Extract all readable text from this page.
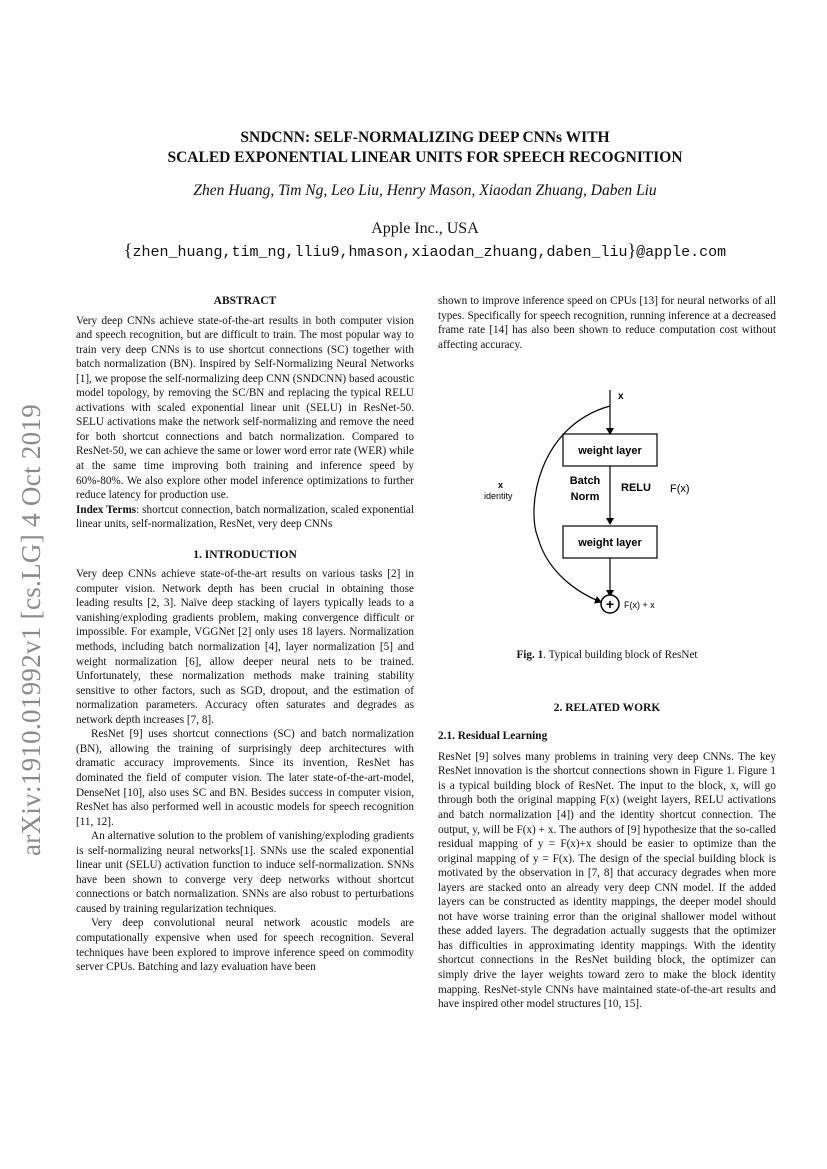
arXiv:1910.01992v1 [cs.LG] 4 Oct 2019
SNDCNN: SELF-NORMALIZING DEEP CNNs WITH
SCALED EXPONENTIAL LINEAR UNITS FOR SPEECH RECOGNITION
Zhen Huang, Tim Ng, Leo Liu, Henry Mason, Xiaodan Zhuang, Daben Liu
Apple Inc., USA
{zhen_huang,tim_ng,lliu9,hmason,xiaodan_zhuang,daben_liu}@apple.com
ABSTRACT

Very deep CNNs achieve state-of-the-art results in both computer vision and speech recognition, but are difficult to train. The most popular way to train very deep CNNs is to use shortcut connections (SC) together with batch normalization (BN). Inspired by Self-Normalizing Neural Networks [1], we propose the self-normalizing deep CNN (SNDCNN) based acoustic model topology, by removing the SC/BN and replacing the typical RELU activations with scaled exponential linear unit (SELU) in ResNet-50. SELU activations make the network self-normalizing and remove the need for both shortcut connections and batch normalization. Compared to ResNet-50, we can achieve the same or lower word error rate (WER) while at the same time improving both training and inference speed by 60%-80%. We also explore other model inference optimizations to further reduce latency for production use.

Index Terms: shortcut connection, batch normalization, scaled exponential linear units, self-normalization, ResNet, very deep CNNs

1. INTRODUCTION

Very deep CNNs achieve state-of-the-art results on various tasks [2] in computer vision. Network depth has been crucial in obtaining those leading results [2, 3]. Naïve deep stacking of layers typically leads to a vanishing/exploding gradients problem, making convergence difficult or impossible. For example, VGGNet [2] only uses 18 layers. Normalization methods, including batch normalization [4], layer normalization [5] and weight normalization [6], allow deeper neural nets to be trained. Unfortunately, these normalization methods make training stability sensitive to other factors, such as SGD, dropout, and the estimation of normalization parameters. Accuracy often saturates and degrades as network depth increases [7, 8].

ResNet [9] uses shortcut connections (SC) and batch normalization (BN), allowing the training of surprisingly deep architectures with dramatic accuracy improvements. Since its invention, ResNet has dominated the field of computer vision. The later state-of-the-art-model, DenseNet [10], also uses SC and BN. Besides success in computer vision, ResNet has also performed well in acoustic models for speech recognition [11, 12].

An alternative solution to the problem of vanishing/exploding gradients is self-normalizing neural networks[1]. SNNs use the scaled exponential linear unit (SELU) activation function to induce self-normalization. SNNs have been shown to converge very deep networks without shortcut connections or batch normalization. SNNs are also robust to perturbations caused by training regularization techniques.

Very deep convolutional neural network acoustic models are computationally expensive when used for speech recognition. Several techniques have been explored to improve inference speed on commodity server CPUs. Batching and lazy evaluation have been

shown to improve inference speed on CPUs [13] for neural networks of all types. Specifically for speech recognition, running inference at a decreased frame rate [14] has also been shown to reduce computation cost without affecting accuracy.

x
weight layer
Batch
Norm
RELU F(x)
weight layer
x
identity
+ F(x) + x
Fig. 1. Typical building block of ResNet
2. RELATED WORK
2.1. Residual Learning

ResNet [9] solves many problems in training very deep CNNs. The key ResNet innovation is the shortcut connections shown in Figure 1. Figure 1 is a typical building block of ResNet. The input to the block, x, will go through both the original mapping F(x) (weight layers, RELU activations and batch normalization [4]) and the identity shortcut connection. The output, y, will be F(x) + x. The authors of [9] hypothesize that the so-called residual mapping of y = F(x)+x should be easier to optimize than the original mapping of y = F(x). The design of the special building block is motivated by the observation in [7, 8] that accuracy degrades when more layers are stacked onto an already very deep CNN model. If the added layers can be constructed as identity mappings, the deeper model should not have worse training error than the original shallower model without these added layers. The degradation actually suggests that the optimizer has difficulties in approximating identity mappings. With the identity shortcut connections in the ResNet building block, the optimizer can simply drive the layer weights toward zero to make the block identity mapping. ResNet-style CNNs have maintained state-of-the-art results and have inspired other model structures [10, 15].
